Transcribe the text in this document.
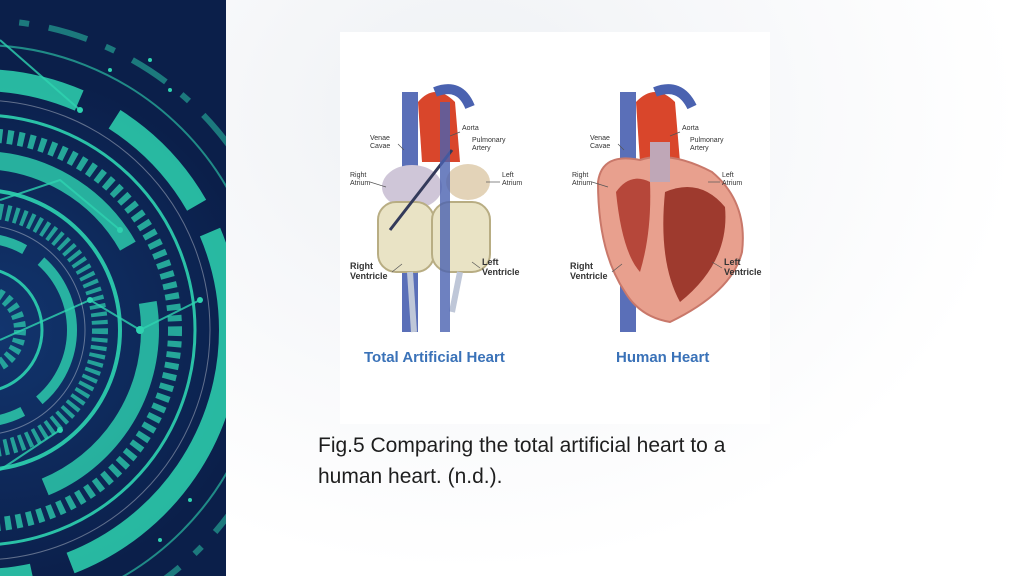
Venae
Cavae
Aorta
Pulmonary
Artery
Right
Atrium
Left
Atrium
Right
Ventricle
Left
Ventricle
Total Artificial Heart
Venae
Cavae
Aorta
Pulmonary
Artery
Right
Atrium
Left
Atrium
Right
Ventricle
Left
Ventricle
Human Heart
Fig.5 Comparing the total artificial heart to a
human heart. (n.d.).
